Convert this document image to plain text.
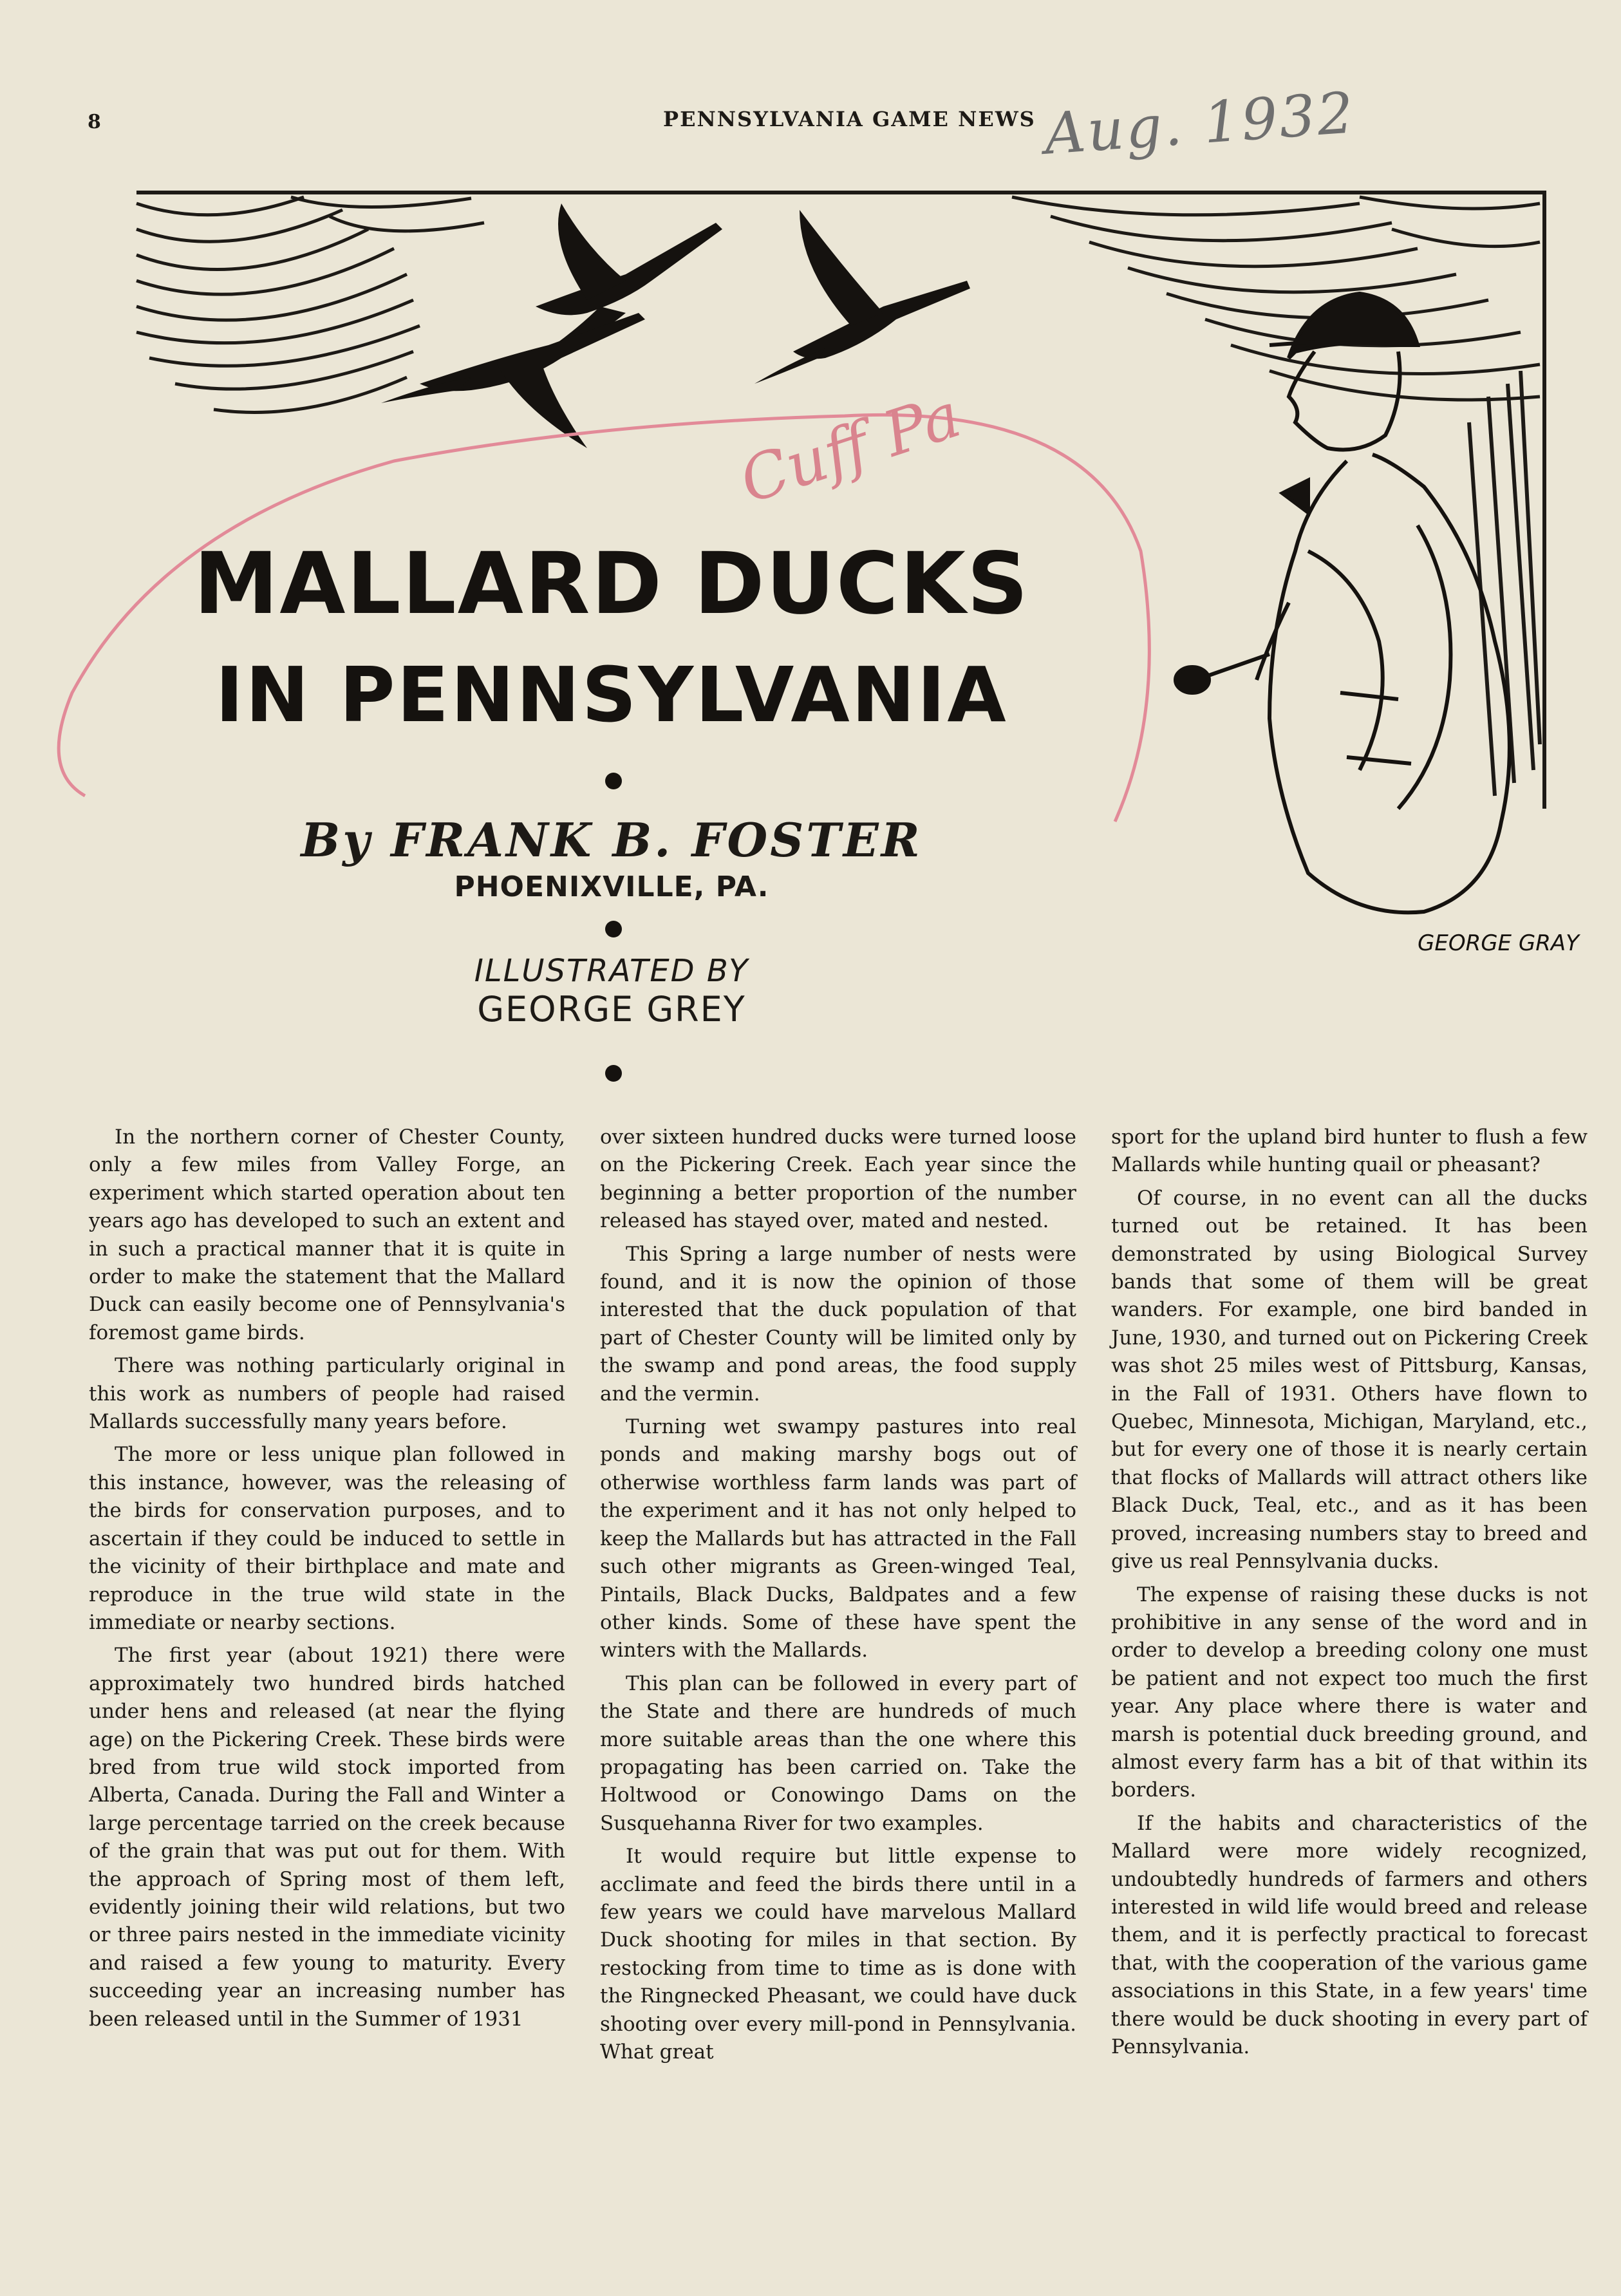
8	PENNSYLVANIA GAME NEWS Aug. 1932
GEORGE GRAY
Cuff Pa
MALLARD DUCKS
IN PENNSYLVANIA
By FRANK B. FOSTER
PHOENIXVILLE, PA.
ILLUSTRATED BY
GEORGE GREY

In the northern corner of Chester County, only a few miles from Valley Forge, an experiment which started operation about ten years ago has developed to such an extent and in such a practical manner that it is quite in order to make the statement that the Mallard Duck can easily become one of Pennsylvania's foremost game birds.

There was nothing particularly original in this work as numbers of people had raised Mallards successfully many years before.

The more or less unique plan followed in this instance, however, was the releasing of the birds for conservation purposes, and to ascertain if they could be induced to settle in the vicinity of their birthplace and mate and reproduce in the true wild state in the immediate or nearby sections.

The first year (about 1921) there were approximately two hundred birds hatched under hens and released (at near the flying age) on the Pickering Creek. These birds were bred from true wild stock imported from Alberta, Canada. During the Fall and Winter a large percentage tarried on the creek because of the grain that was put out for them. With the approach of Spring most of them left, evidently joining their wild relations, but two or three pairs nested in the immediate vicinity and raised a few young to maturity. Every succeeding year an increasing number has been released until in the Summer of 1931

over sixteen hundred ducks were turned loose on the Pickering Creek. Each year since the beginning a better proportion of the number released has stayed over, mated and nested.

This Spring a large number of nests were found, and it is now the opinion of those interested that the duck population of that part of Chester County will be limited only by the swamp and pond areas, the food supply and the vermin.

Turning wet swampy pastures into real ponds and making marshy bogs out of otherwise worthless farm lands was part of the experiment and it has not only helped to keep the Mallards but has attracted in the Fall such other migrants as Green-winged Teal, Pintails, Black Ducks, Baldpates and a few other kinds. Some of these have spent the winters with the Mallards.

This plan can be followed in every part of the State and there are hundreds of much more suitable areas than the one where this propagating has been carried on. Take the Holtwood or Conowingo Dams on the Susquehanna River for two examples.

It would require but little expense to acclimate and feed the birds there until in a few years we could have marvelous Mallard Duck shooting for miles in that section. By restocking from time to time as is done with the Ringnecked Pheasant, we could have duck shooting over every mill-pond in Pennsylvania. What great

sport for the upland bird hunter to flush a few Mallards while hunting quail or pheasant?

Of course, in no event can all the ducks turned out be retained. It has been demonstrated by using Biological Survey bands that some of them will be great wanders. For example, one bird banded in June, 1930, and turned out on Pickering Creek was shot 25 miles west of Pittsburg, Kansas, in the Fall of 1931. Others have flown to Quebec, Minnesota, Michigan, Maryland, etc., but for every one of those it is nearly certain that flocks of Mallards will attract others like Black Duck, Teal, etc., and as it has been proved, increasing numbers stay to breed and give us real Pennsylvania ducks.

The expense of raising these ducks is not prohibitive in any sense of the word and in order to develop a breeding colony one must be patient and not expect too much the first year. Any place where there is water and marsh is potential duck breeding ground, and almost every farm has a bit of that within its borders.

If the habits and characteristics of the Mallard were more widely recognized, undoubtedly hundreds of farmers and others interested in wild life would breed and release them, and it is perfectly practical to forecast that, with the cooperation of the various game associations in this State, in a few years' time there would be duck shooting in every part of Pennsylvania.
